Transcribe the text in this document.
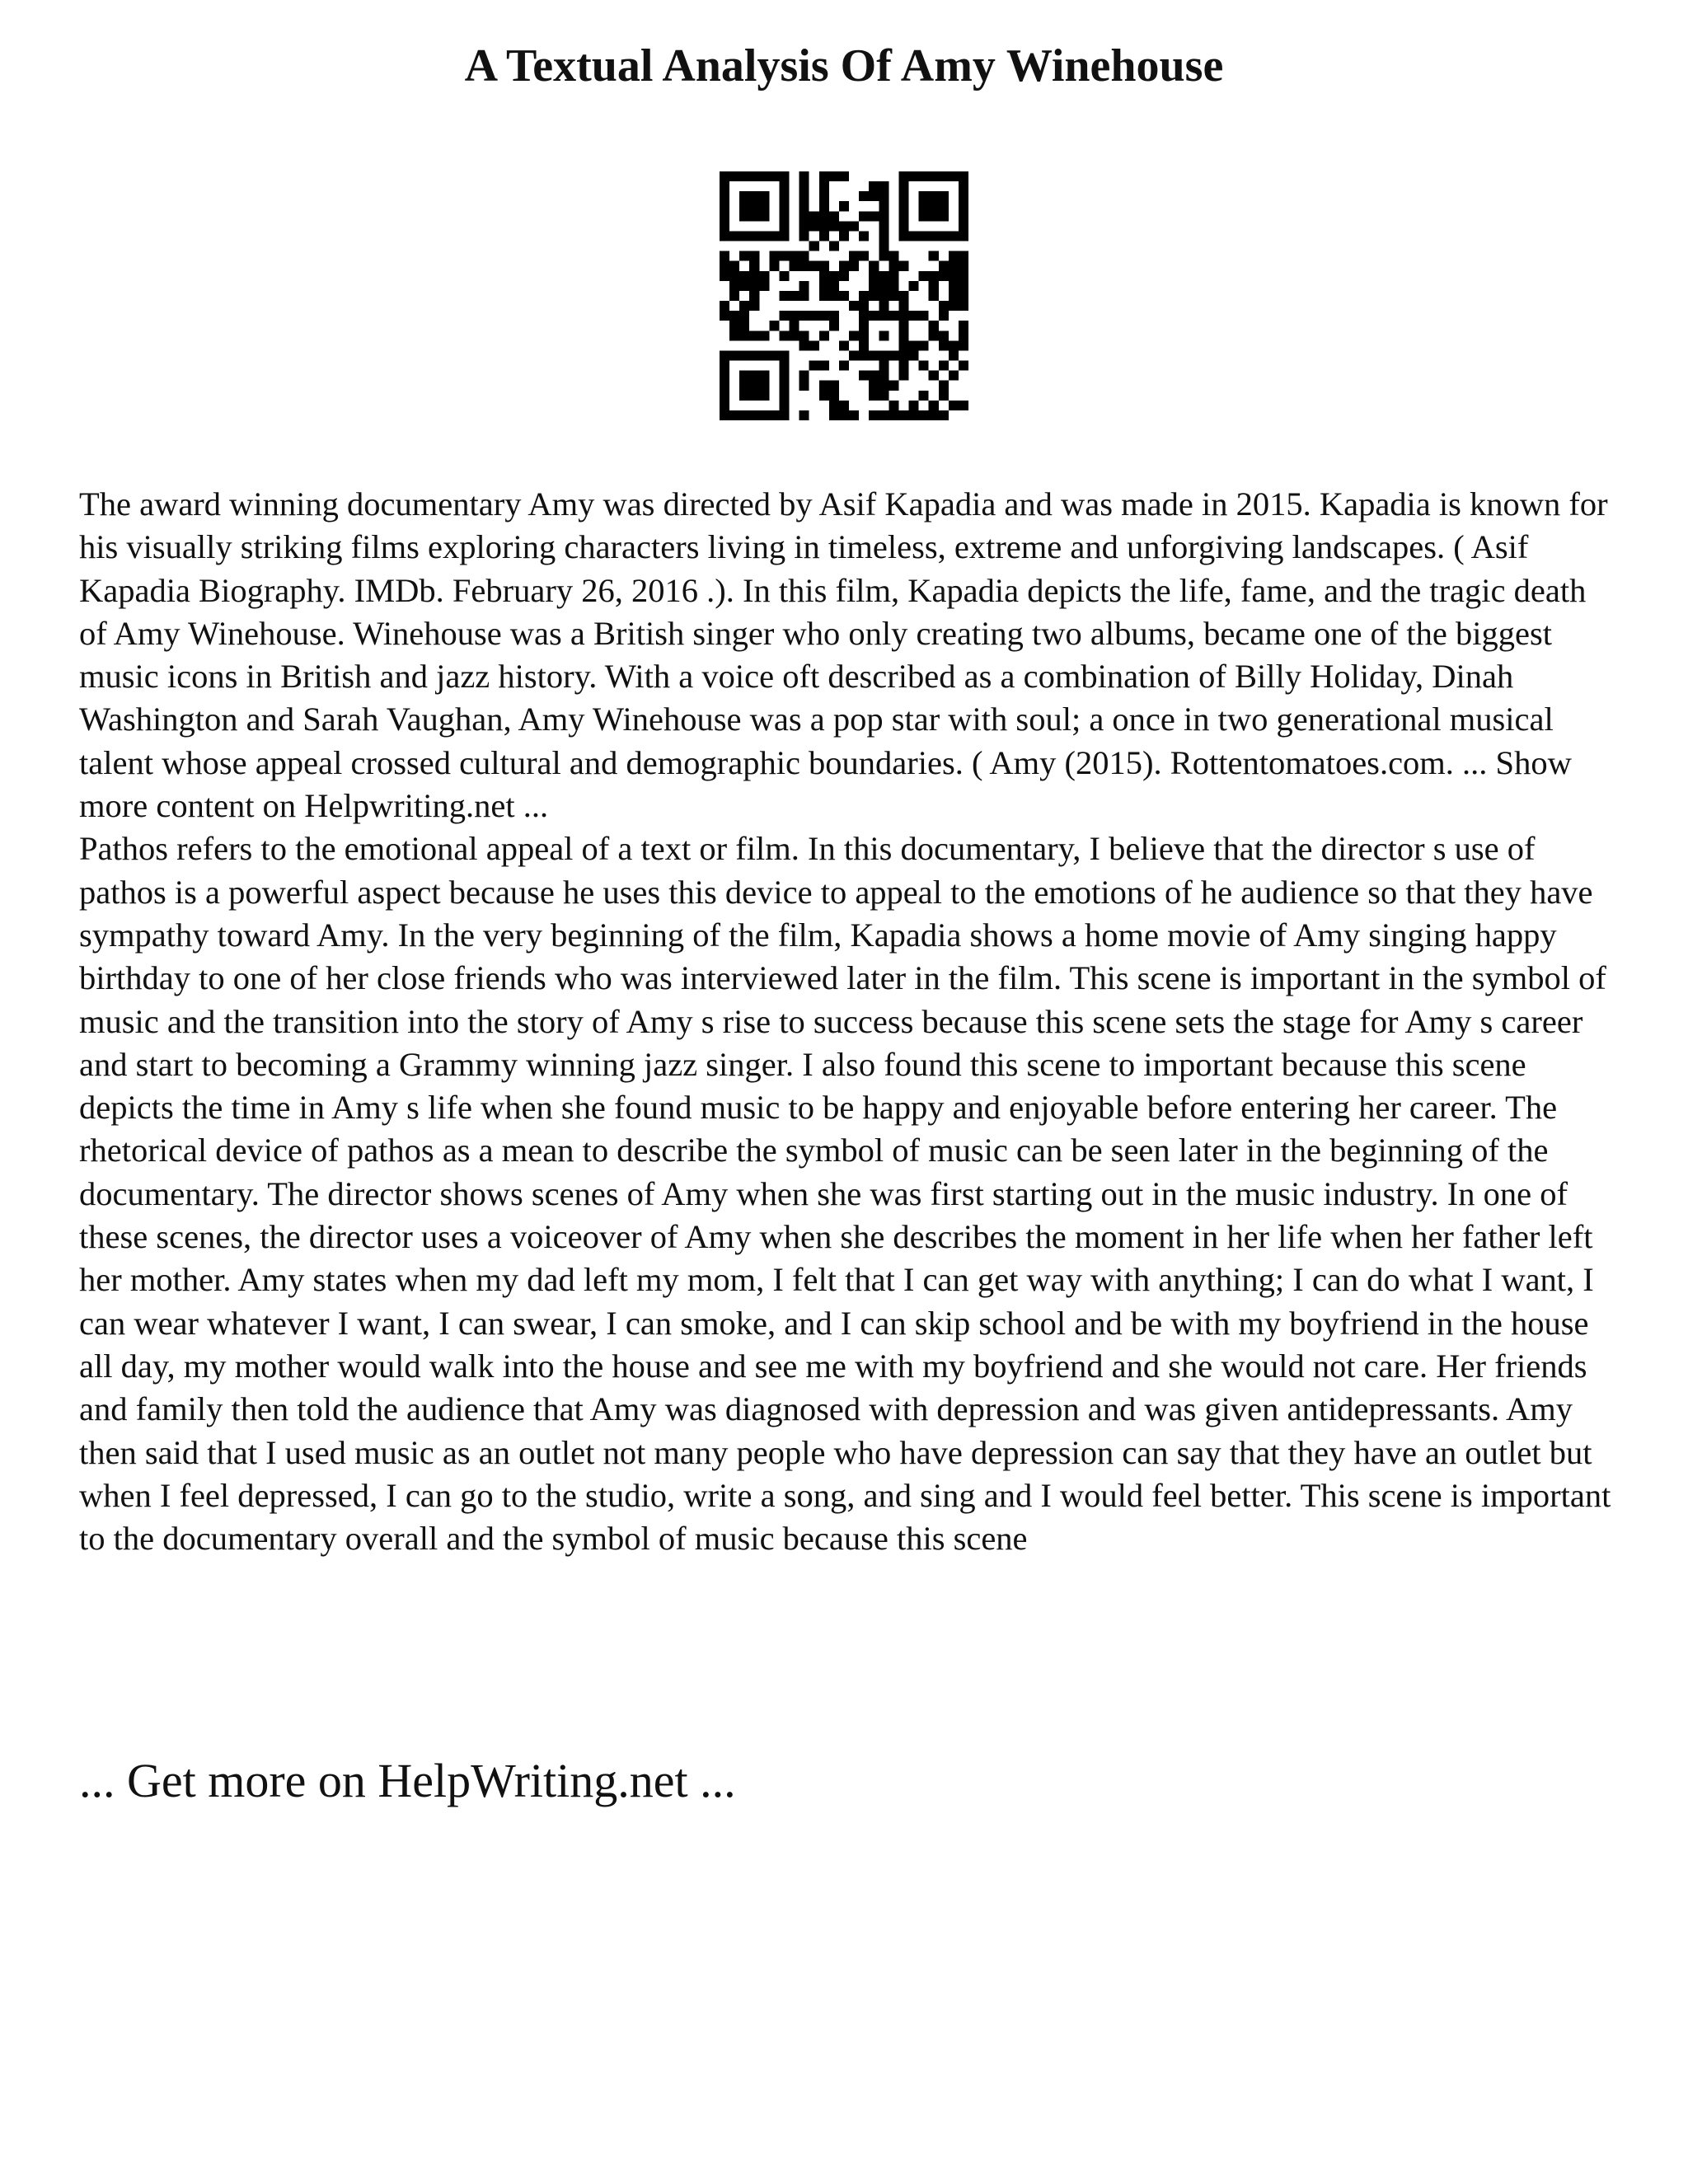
A Textual Analysis Of Amy Winehouse

The award winning documentary Amy was directed by Asif Kapadia and was made in 2015. Kapadia is known for his visually striking films exploring characters living in timeless, extreme and unforgiving landscapes. ( Asif Kapadia Biography. IMDb. February 26, 2016 .). In this film, Kapadia depicts the life, fame, and the tragic death of Amy Winehouse. Winehouse was a British singer who only creating two albums, became one of the biggest music icons in British and jazz history. With a voice oft described as a combination of Billy Holiday, Dinah Washington and Sarah Vaughan, Amy Winehouse was a pop star with soul; a once in two generational musical talent whose appeal crossed cultural and demographic boundaries. ( Amy (2015). Rottentomatoes.com. ... Show more content on Helpwriting.net ...

Pathos refers to the emotional appeal of a text or film. In this documentary, I believe that the director s use of pathos is a powerful aspect because he uses this device to appeal to the emotions of he audience so that they have sympathy toward Amy. In the very beginning of the film, Kapadia shows a home movie of Amy singing happy birthday to one of her close friends who was interviewed later in the film. This scene is important in the symbol of music and the transition into the story of Amy s rise to success because this scene sets the stage for Amy s career and start to becoming a Grammy winning jazz singer. I also found this scene to important because this scene depicts the time in Amy s life when she found music to be happy and enjoyable before entering her career. The rhetorical device of pathos as a mean to describe the symbol of music can be seen later in the beginning of the documentary. The director shows scenes of Amy when she was first starting out in the music industry. In one of these scenes, the director uses a voiceover of Amy when she describes the moment in her life when her father left her mother. Amy states when my dad left my mom, I felt that I can get way with anything; I can do what I want, I can wear whatever I want, I can swear, I can smoke, and I can skip school and be with my boyfriend in the house all day, my mother would walk into the house and see me with my boyfriend and she would not care. Her friends and family then told the audience that Amy was diagnosed with depression and was given antidepressants. Amy then said that I used music as an outlet not many people who have depression can say that they have an outlet but when I feel depressed, I can go to the studio, write a song, and sing and I would feel better. This scene is important to the documentary overall and the symbol of music because this scene

... Get more on HelpWriting.net ...
